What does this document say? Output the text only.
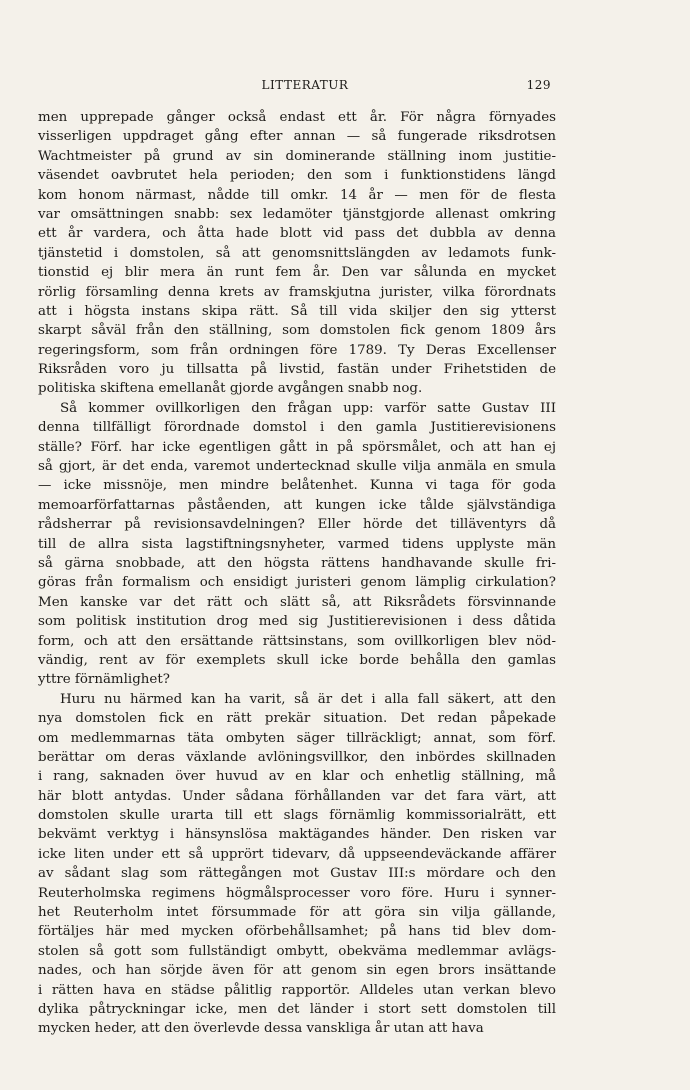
LITTERATUR	129
men upprepade gånger också endast ett år. För några förnyades
visserligen uppdraget gång efter annan — så fungerade riksdrotsen
Wachtmeister på grund av sin dominerande ställning inom justitie-
väsendet oavbrutet hela perioden; den som i funktionstidens längd
kom honom närmast, nådde till omkr. 14 år — men för de flesta
var omsättningen snabb: sex ledamöter tjänstgjorde allenast omkring
ett år vardera, och åtta hade blott vid pass det dubbla av denna
tjänstetid i domstolen, så att genomsnittslängden av ledamots funk-
tionstid ej blir mera än runt fem år. Den var sålunda en mycket
rörlig församling denna krets av framskjutna jurister, vilka förordnats
att i högsta instans skipa rätt. Så till vida skiljer den sig ytterst
skarpt såväl från den ställning, som domstolen fick genom 1809 års
regeringsform, som från ordningen före 1789. Ty Deras Excellenser
Riksråden voro ju tillsatta på livstid, fastän under Frihetstiden de
politiska skiftena emellanåt gjorde avgången snabb nog.
Så kommer ovillkorligen den frågan upp: varför satte Gustav III
denna tillfälligt förordnade domstol i den gamla Justitierevisionens
ställe? Förf. har icke egentligen gått in på spörsmålet, och att han ej
så gjort, är det enda, varemot undertecknad skulle vilja anmäla en smula
— icke missnöje, men mindre belåtenhet. Kunna vi taga för goda
memoarförfattarnas påståenden, att kungen icke tålde självständiga
rådsherrar på revisionsavdelningen? Eller hörde det tilläventyrs då
till de allra sista lagstiftningsnyheter, varmed tidens upplyste män
så gärna snobbade, att den högsta rättens handhavande skulle fri-
göras från formalism och ensidigt juristeri genom lämplig cirkulation?
Men kanske var det rätt och slätt så, att Riksrådets försvinnande
som politisk institution drog med sig Justitierevisionen i dess dåtida
form, och att den ersättande rättsinstans, som ovillkorligen blev nöd-
vändig, rent av för exemplets skull icke borde behålla den gamlas
yttre förnämlighet?
Huru nu härmed kan ha varit, så är det i alla fall säkert, att den
nya domstolen fick en rätt prekär situation. Det redan påpekade
om medlemmarnas täta ombyten säger tillräckligt; annat, som förf.
berättar om deras växlande avlöningsvillkor, den inbördes skillnaden
i rang, saknaden över huvud av en klar och enhetlig ställning, må
här blott antydas. Under sådana förhållanden var det fara värt, att
domstolen skulle urarta till ett slags förnämlig kommissorialrätt, ett
bekvämt verktyg i hänsynslösa maktägandes händer. Den risken var
icke liten under ett så upprört tidevarv, då uppseendeväckande affärer
av sådant slag som rättegången mot Gustav III:s mördare och den
Reuterholmska regimens högmålsprocesser voro före. Huru i synner-
het Reuterholm intet försummade för att göra sin vilja gällande,
förtäljes här med mycken oförbehållsamhet; på hans tid blev dom-
stolen så gott som fullständigt ombytt, obekväma medlemmar avlägs-
nades, och han sörjde även för att genom sin egen brors insättande
i rätten hava en städse pålitlig rapportör. Alldeles utan verkan blevo
dylika påtryckningar icke, men det länder i stort sett domstolen till
mycken heder, att den överlevde dessa vanskliga år utan att hava
